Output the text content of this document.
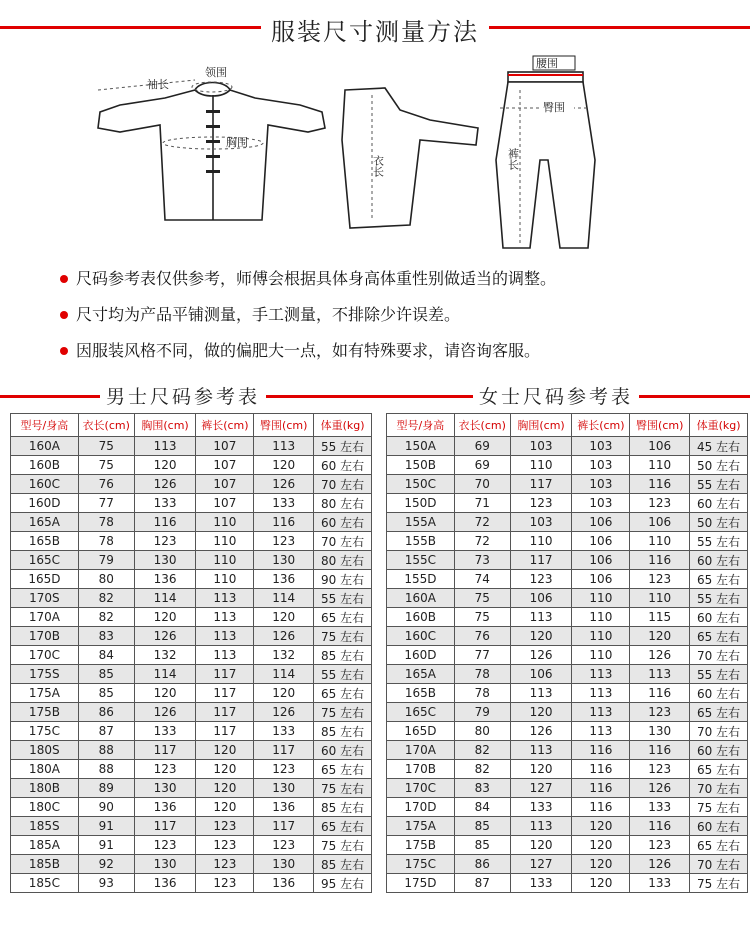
服装尺寸测量方法
袖长
领围
胸围
衣长
腰围
臀围
裤长
尺码参考表仅供参考，师傅会根据具体身高体重性别做适当的调整。
尺寸均为产品平铺测量，手工测量，不排除少许误差。
因服装风格不同，做的偏肥大一点，如有特殊要求，请咨询客服。
男士尺码参考表	女士尺码参考表
型号/身高	衣长(cm)	胸围(cm)	裤长(cm)	臀围(cm)	体重(kg)
160A	75	113	107	113	55 左右
160B	75	120	107	120	60 左右
160C	76	126	107	126	70 左右
160D	77	133	107	133	80 左右
165A	78	116	110	116	60 左右
165B	78	123	110	123	70 左右
165C	79	130	110	130	80 左右
165D	80	136	110	136	90 左右
170S	82	114	113	114	55 左右
170A	82	120	113	120	65 左右
170B	83	126	113	126	75 左右
170C	84	132	113	132	85 左右
175S	85	114	117	114	55 左右
175A	85	120	117	120	65 左右
175B	86	126	117	126	75 左右
175C	87	133	117	133	85 左右
180S	88	117	120	117	60 左右
180A	88	123	120	123	65 左右
180B	89	130	120	130	75 左右
180C	90	136	120	136	85 左右
185S	91	117	123	117	65 左右
185A	91	123	123	123	75 左右
185B	92	130	123	130	85 左右
185C	93	136	123	136	95 左右
型号/身高	衣长(cm)	胸围(cm)	裤长(cm)	臀围(cm)	体重(kg)
150A	69	103	103	106	45 左右
150B	69	110	103	110	50 左右
150C	70	117	103	116	55 左右
150D	71	123	103	123	60 左右
155A	72	103	106	106	50 左右
155B	72	110	106	110	55 左右
155C	73	117	106	116	60 左右
155D	74	123	106	123	65 左右
160A	75	106	110	110	55 左右
160B	75	113	110	115	60 左右
160C	76	120	110	120	65 左右
160D	77	126	110	126	70 左右
165A	78	106	113	113	55 左右
165B	78	113	113	116	60 左右
165C	79	120	113	123	65 左右
165D	80	126	113	130	70 左右
170A	82	113	116	116	60 左右
170B	82	120	116	123	65 左右
170C	83	127	116	126	70 左右
170D	84	133	116	133	75 左右
175A	85	113	120	116	60 左右
175B	85	120	120	123	65 左右
175C	86	127	120	126	70 左右
175D	87	133	120	133	75 左右
